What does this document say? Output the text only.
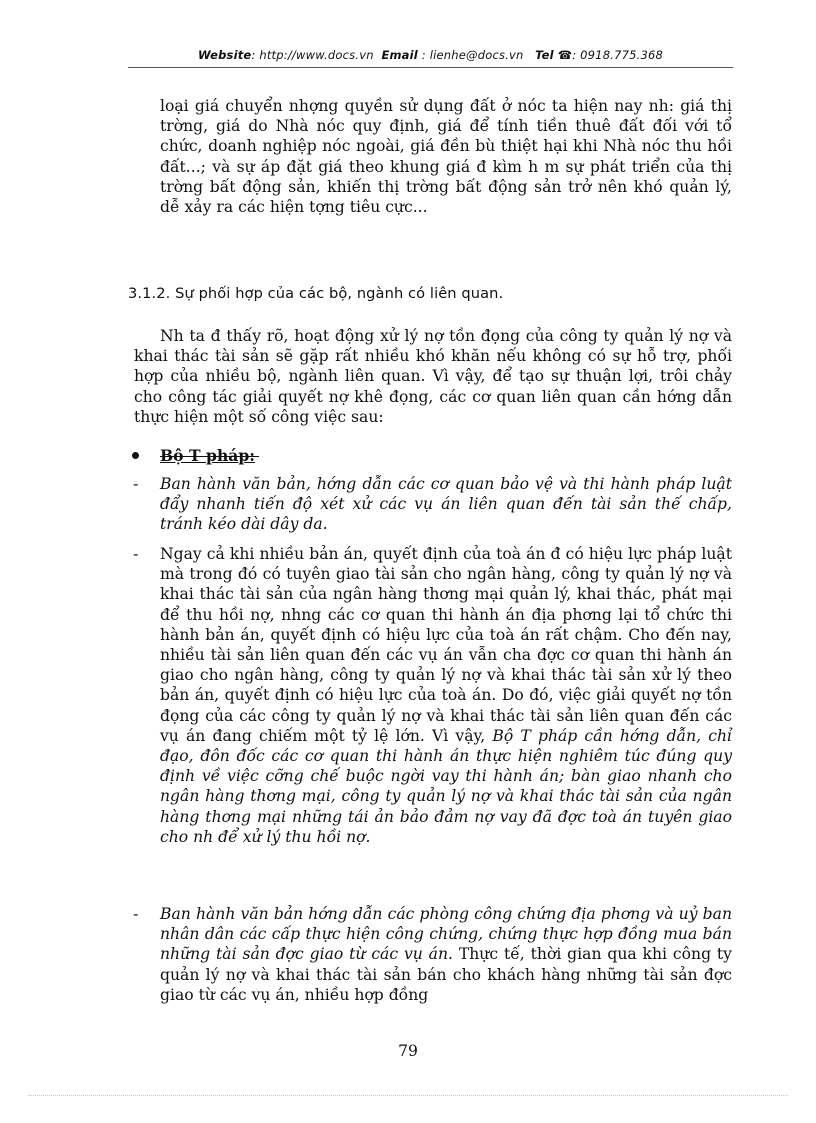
Website: http://www.docs.vn Email : lienhe@docs.vn Tel ☎: 0918.775.368
loại giá chuyển nhợng quyền sử dụng đất ở nóc ta hiện nay nh: giá thị trờng, giá do Nhà nóc quy định, giá để tính tiền thuê đất đối với tổ chức, doanh nghiệp nóc ngoài, giá đền bù thiệt hại khi Nhà nóc thu hồi đất...; và sự áp đặt giá theo khung giá đ kìm h m sự phát triển của thị trờng bất động sản, khiến thị trờng bất động sản trở nên khó quản lý, dễ xảy ra các hiện tợng tiêu cực...
3.1.2. Sự phối hợp của các bộ, ngành có liên quan.
Nh ta đ thấy rõ, hoạt động xử lý nợ tồn đọng của công ty quản lý nợ và khai thác tài sản sẽ gặp rất nhiều khó khăn nếu không có sự hỗ trợ, phối hợp của nhiều bộ, ngành liên quan. Vì vậy, để tạo sự thuận lợi, trôi chảy cho công tác giải quyết nợ khê đọng, các cơ quan liên quan cần hớng dẫn thực hiện một số công việc sau:
Bộ T pháp:
- Ban hành văn bản, hớng dẫn các cơ quan bảo vệ và thi hành pháp luật đẩy nhanh tiến độ xét xử các vụ án liên quan đến tài sản thế chấp, tránh kéo dài dây da.
- Ngay cả khi nhiều bản án, quyết định của toà án đ có hiệu lực pháp luật mà trong đó có tuyên giao tài sản cho ngân hàng, công ty quản lý nợ và khai thác tài sản của ngân hàng thơng mại quản lý, khai thác, phát mại để thu hồi nợ, nhng các cơ quan thi hành án địa phơng lại tổ chức thi hành bản án, quyết định có hiệu lực của toà án rất chậm. Cho đến nay, nhiều tài sản liên quan đến các vụ án vẫn cha đợc cơ quan thi hành án giao cho ngân hàng, công ty quản lý nợ và khai thác tài sản xử lý theo bản án, quyết định có hiệu lực của toà án. Do đó, việc giải quyết nợ tồn đọng của các công ty quản lý nợ và khai thác tài sản liên quan đến các vụ án đang chiếm một tỷ lệ lớn. Vì vậy, Bộ T pháp cần hớng dẫn, chỉ đạo, đôn đốc các cơ quan thi hành án thực hiện nghiêm túc đúng quy định về việc cỡng chế buộc ngời vay thi hành án; bàn giao nhanh cho ngân hàng thơng mại, công ty quản lý nợ và khai thác tài sản của ngân hàng thơng mại những tái ản bảo đảm nợ vay đã đợc toà án tuyên giao cho nh để xử lý thu hồi nợ.
- Ban hành văn bản hớng dẫn các phòng công chứng địa phơng và uỷ ban nhân dân các cấp thực hiện công chứng, chứng thực hợp đồng mua bán những tài sản đợc giao từ các vụ án. Thực tế, thời gian qua khi công ty quản lý nợ và khai thác tài sản bán cho khách hàng những tài sản đợc giao từ các vụ án, nhiều hợp đồng
79
